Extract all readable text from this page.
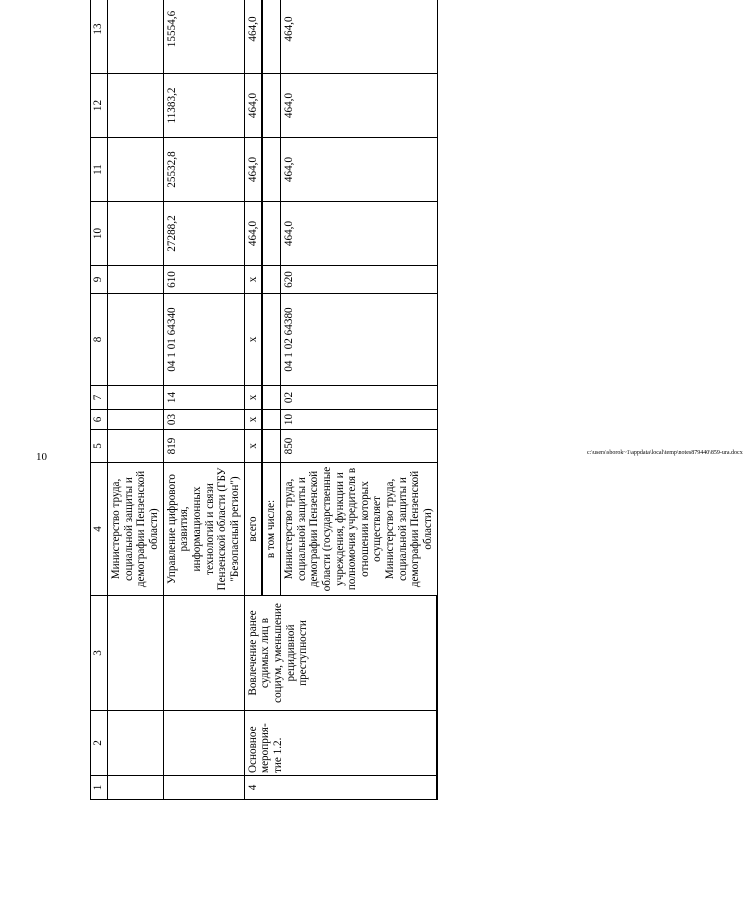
10	c:\users\sborok~1\appdata\local\temp\notes879440\859-ura.docx
1	2	3	4	5	6	7	8	9	10	11	12	13
			Министерство труда, социальной защиты и демографии Пензенской области)									
			Управление цифрового развития, информационных технологий и связи Пензенской области (ГБУ "Безопасный регион")	819	03	14	04 1 01 64340	610	27288,2	25532,8	11383,2	15554,6
4	Основное мероприя-тие 1.2.	Вовлечение ранее судимых лиц в социум, уменьшение рецидивной преступности	всего	x	x	x	x	x	464,0	464,0	464,0	464,0
			в том числе:									
			Министерство труда, социальной защиты и демографии Пензенской области (государственные учреждения, функции и полномочия учредителя в отношении которых осуществляет Министерство труда, социальной защиты и демографии Пензенской области)	850	10	02	04 1 02 64380	620	464,0	464,0	464,0	464,0
